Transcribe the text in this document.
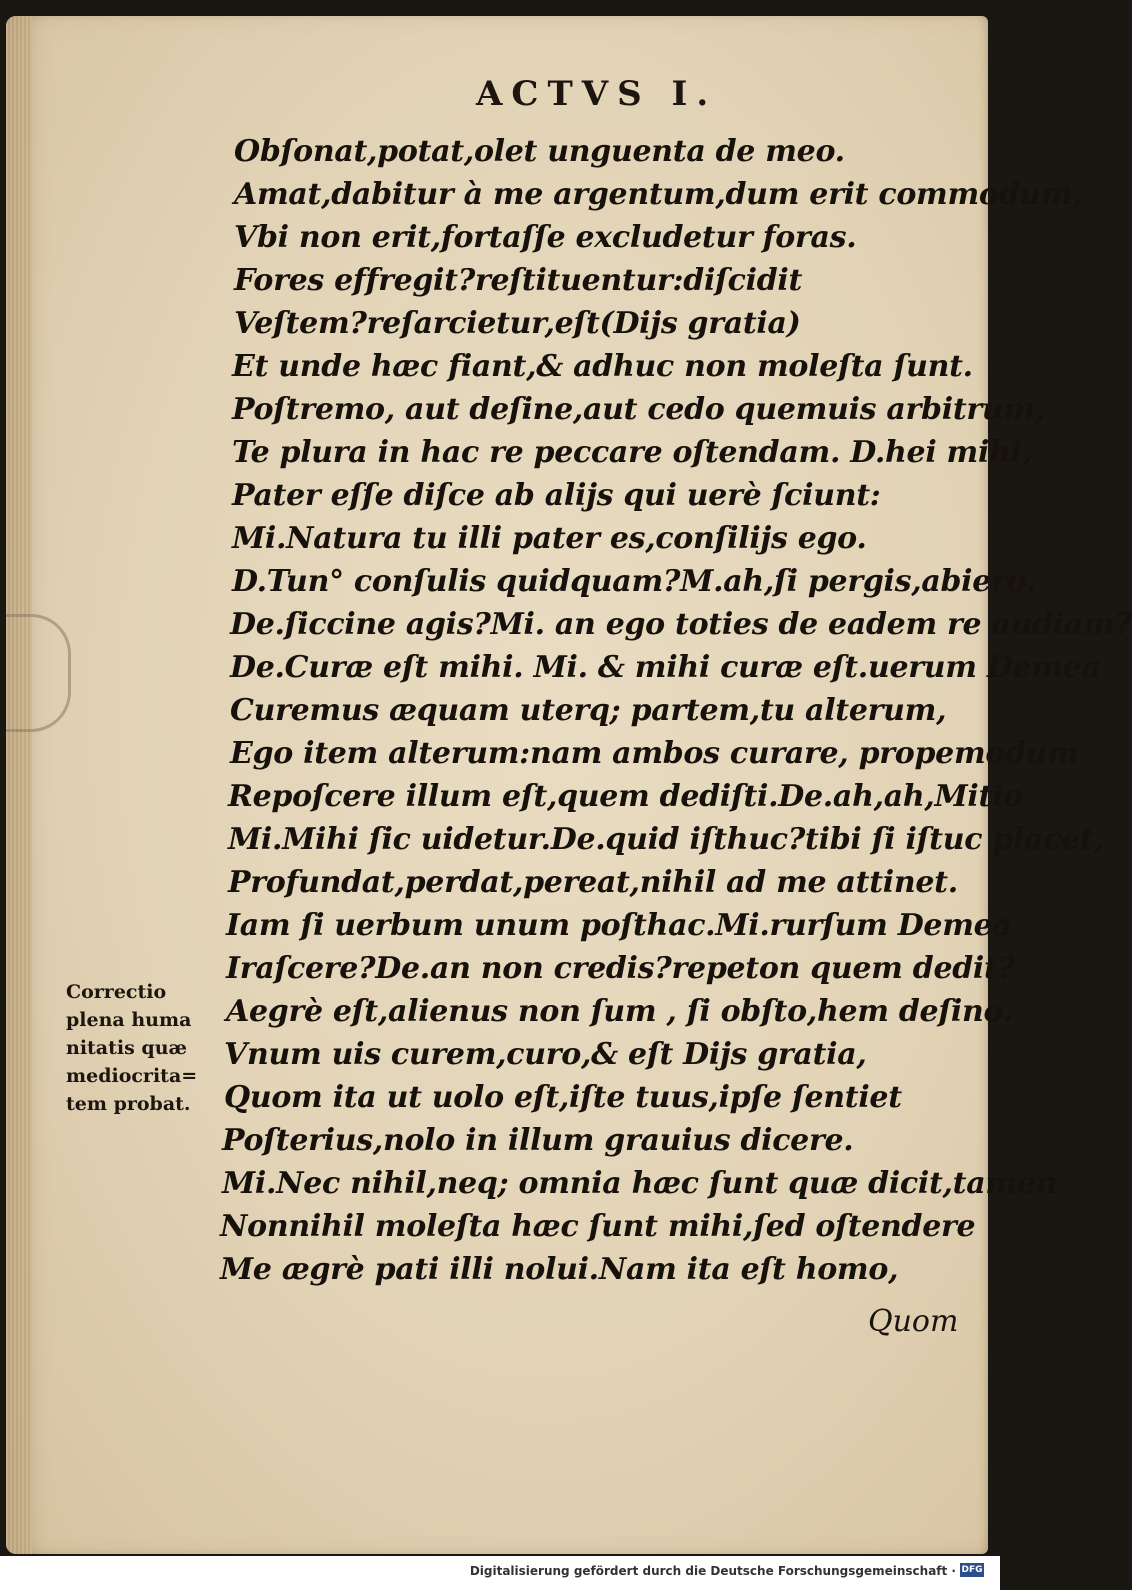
ACTVS I.
Obſonat,potat,olet unguenta de meo.
Amat,dabitur à me argentum,dum erit commodum,
Vbi non erit,fortaſſe excludetur foras.
Fores effregit?reſtituentur:diſcidit
Veſtem?reſarcietur,eſt(Dijs gratia)
Et unde hæc fiant,& adhuc non moleſta ſunt.
Poſtremo, aut deſine,aut cedo quemuis arbitrum,
Te plura in hac re peccare oſtendam. D.hei mihi,
Pater eſſe diſce ab alijs qui uerè ſciunt:
Mi.Natura tu illi pater es,conſilijs ego.
D.Tun° conſulis quidquam?M.ah,ſi pergis,abiero.
De.ſiccine agis?Mi. an ego toties de eadem re audiam?
De.Curæ eſt mihi. Mi. & mihi curæ eſt.uerum Demea
Curemus æquam uterq; partem,tu alterum,
Ego item alterum:nam ambos curare, propemodum
Repoſcere illum eſt,quem dediſti.De.ah,ah,Mitio
Mi.Mihi ſic uidetur.De.quid iſthuc?tibi ſi iſtuc placet,
Profundat,perdat,pereat,nihil ad me attinet.
Iam ſi uerbum unum poſthac.Mi.rurſum Demea
Iraſcere?De.an non credis?repeton quem dedit?
Aegrè eſt,alienus non ſum , ſi obſto,hem deſino.
Vnum uis curem,curo,& eſt Dijs gratia,
Quom ita ut uolo eſt,iſte tuus,ipſe ſentiet
Poſterius,nolo in illum grauius dicere.
Mi.Nec nihil,neq; omnia hæc ſunt quæ dicit,tamen
Nonnihil moleſta hæc ſunt mihi,ſed oſtendere
Me ægrè pati illi nolui.Nam ita eſt homo,
Correctio
plena huma
nitatis quæ
mediocrita=
tem probat.
Quom
Digitalisierung gefördert durch die Deutsche Forschungsgemeinschaft · DFG
